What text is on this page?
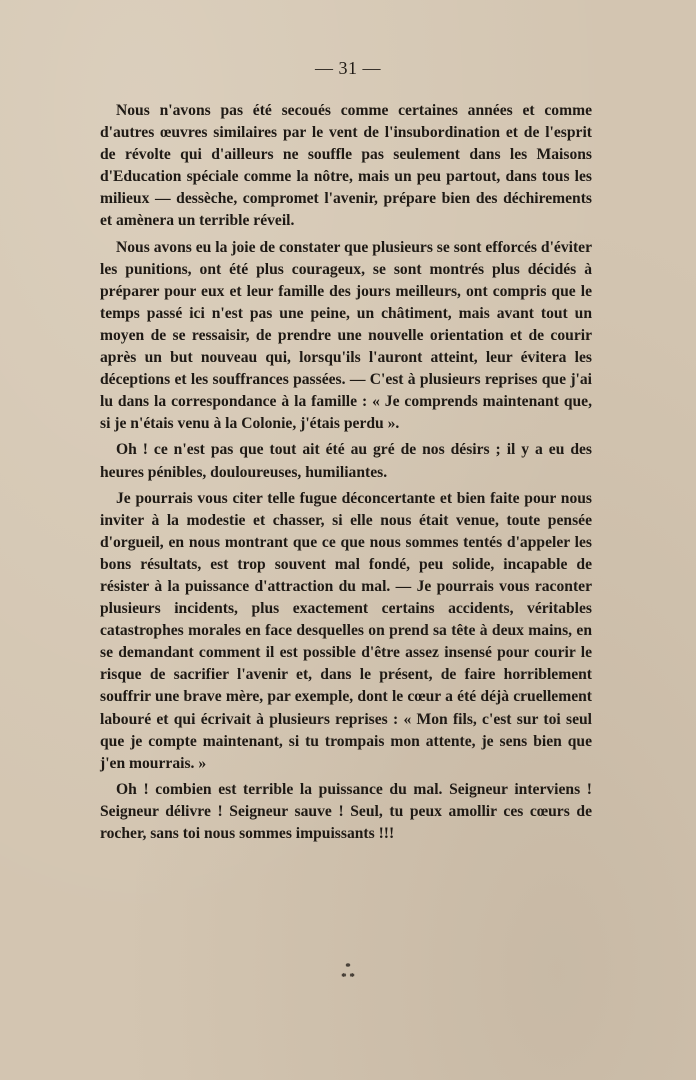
— 31 —

Nous n'avons pas été secoués comme certaines années et comme d'autres œuvres similaires par le vent de l'insubordination et de l'esprit de révolte qui d'ailleurs ne souffle pas seulement dans les Maisons d'Education spéciale comme la nôtre, mais un peu partout, dans tous les milieux — dessèche, compromet l'avenir, prépare bien des déchirements et amènera un terrible réveil.

Nous avons eu la joie de constater que plusieurs se sont efforcés d'éviter les punitions, ont été plus courageux, se sont montrés plus décidés à préparer pour eux et leur famille des jours meilleurs, ont compris que le temps passé ici n'est pas une peine, un châtiment, mais avant tout un moyen de se ressaisir, de prendre une nouvelle orientation et de courir après un but nouveau qui, lorsqu'ils l'auront atteint, leur évitera les déceptions et les souffrances passées. — C'est à plusieurs reprises que j'ai lu dans la correspondance à la famille : « Je comprends maintenant que, si je n'étais venu à la Colonie, j'étais perdu ».

Oh ! ce n'est pas que tout ait été au gré de nos désirs ; il y a eu des heures pénibles, douloureuses, humiliantes.

Je pourrais vous citer telle fugue déconcertante et bien faite pour nous inviter à la modestie et chasser, si elle nous était venue, toute pensée d'orgueil, en nous montrant que ce que nous sommes tentés d'appeler les bons résultats, est trop souvent mal fondé, peu solide, incapable de résister à la puissance d'attraction du mal. — Je pourrais vous raconter plusieurs incidents, plus exactement certains accidents, véritables catastrophes morales en face desquelles on prend sa tête à deux mains, en se demandant comment il est possible d'être assez insensé pour courir le risque de sacrifier l'avenir et, dans le présent, de faire horriblement souffrir une brave mère, par exemple, dont le cœur a été déjà cruellement labouré et qui écrivait à plusieurs reprises : « Mon fils, c'est sur toi seul que je compte maintenant, si tu trompais mon attente, je sens bien que j'en mourrais. »

Oh ! combien est terrible la puissance du mal. Seigneur interviens ! Seigneur délivre ! Seigneur sauve ! Seul, tu peux amollir ces cœurs de rocher, sans toi nous sommes impuissants !!!

*
* *
